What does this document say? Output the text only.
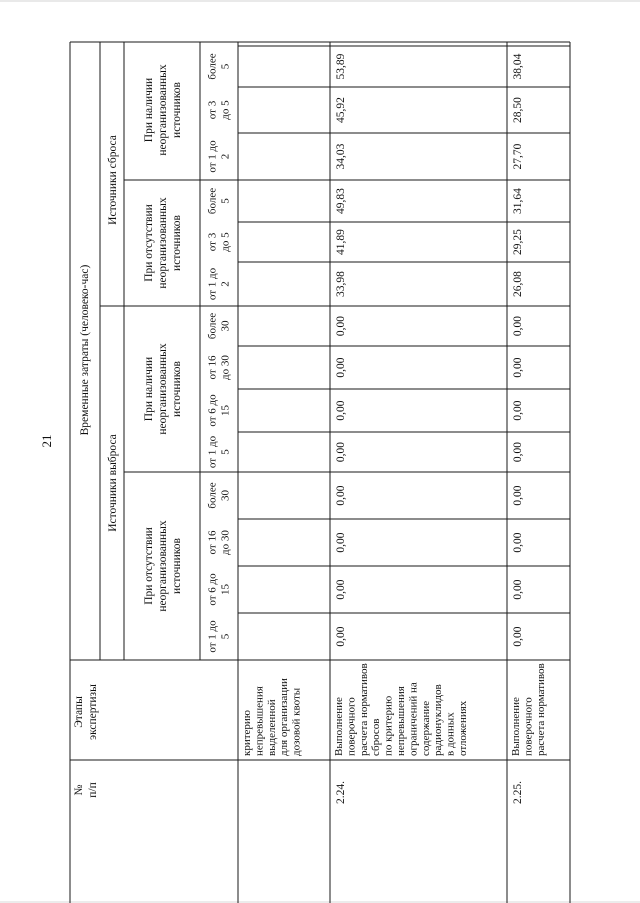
21
№ п/п
Этапы экспертизы
Временные затраты (человеко-час)
Источники выброса
Источники сброса
При отсутствии неорганизованных источников
При наличии неорганизованных источников
При отсутствии неорганизованных источников
При наличии неорганизованных источников
от 1 до 5
от 6 до 15
от 16 до 30
более 30
от 1 до 5
от 6 до 15
от 16 до 30
более 30
от 1 до 2
от 3 до 5
более 5
от 1 до 2
от 3 до 5
более 5
критерию непревышения выделенной для организации дозовой квоты
2.24.
Выполнение поверочного расчета нормативов сбросов по критерию непревышения ограничений на содержание радионуклидов в донных отложениях
0,00
0,00
0,00
0,00
0,00
0,00
0,00
0,00
33,98
41,89
49,83
34,03
45,92
53,89
2.25.
Выполнение поверочного расчета нормативов
0,00
0,00
0,00
0,00
0,00
0,00
0,00
0,00
26,08
29,25
31,64
27,70
28,50
38,04
